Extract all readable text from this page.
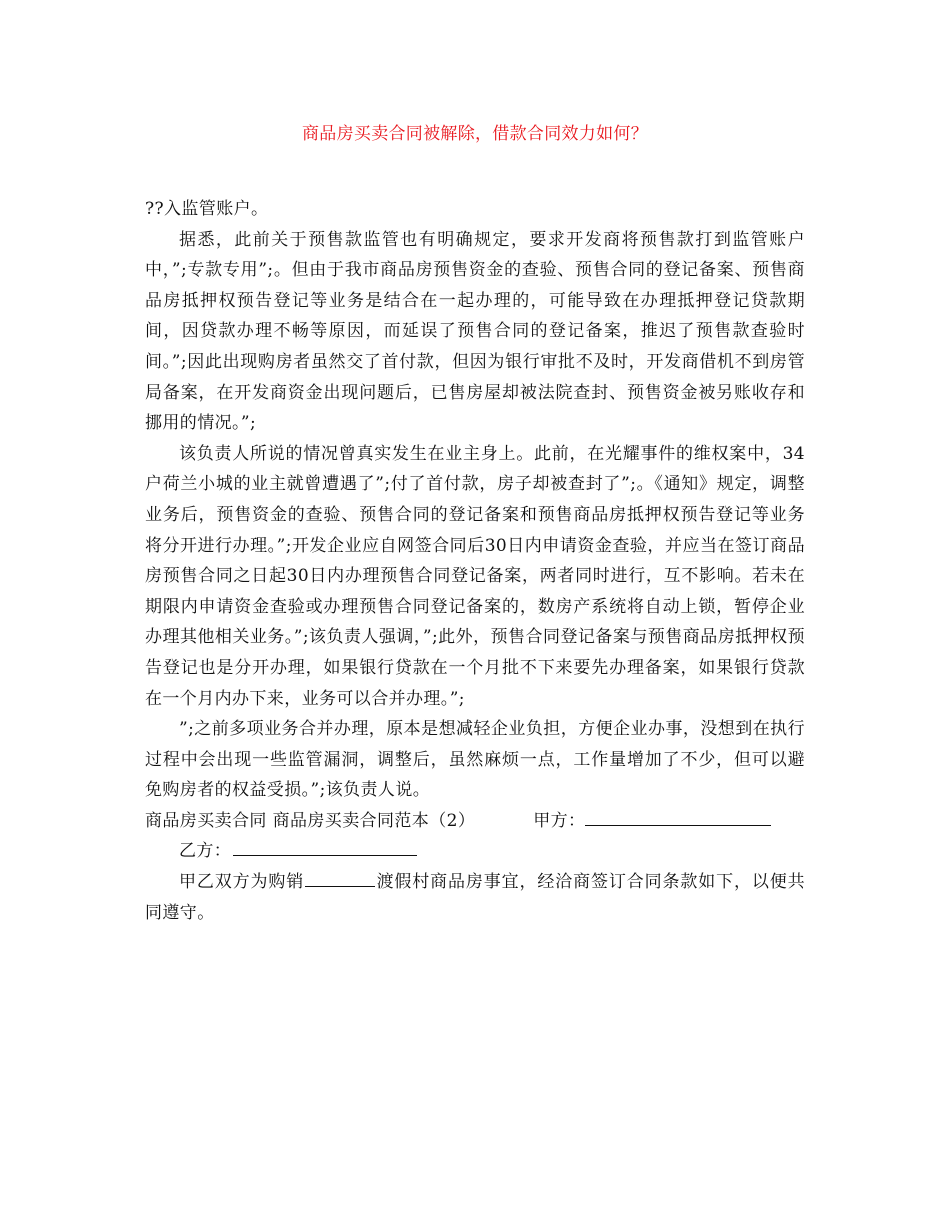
商品房买卖合同被解除，借款合同效力如何？

??入监管账户。

据悉，此前关于预售款监管也有明确规定，要求开发商将预售款打到监管账户中，”;专款专用”;。但由于我市商品房预售资金的查验、预售合同的登记备案、预售商品房抵押权预告登记等业务是结合在一起办理的，可能导致在办理抵押登记贷款期间，因贷款办理不畅等原因，而延误了预售合同的登记备案，推迟了预售款查验时间。”;因此出现购房者虽然交了首付款，但因为银行审批不及时，开发商借机不到房管局备案，在开发商资金出现问题后，已售房屋却被法院查封、预售资金被另账收存和挪用的情况。”;

该负责人所说的情况曾真实发生在业主身上。此前，在光耀事件的维权案中，34户荷兰小城的业主就曾遭遇了”;付了首付款，房子却被查封了”;。《通知》规定，调整业务后，预售资金的查验、预售合同的登记备案和预售商品房抵押权预告登记等业务将分开进行办理。”;开发企业应自网签合同后30日内申请资金查验，并应当在签订商品房预售合同之日起30日内办理预售合同登记备案，两者同时进行，互不影响。若未在期限内申请资金查验或办理预售合同登记备案的，数房产系统将自动上锁，暂停企业办理其他相关业务。”;该负责人强调，”;此外，预售合同登记备案与预售商品房抵押权预告登记也是分开办理，如果银行贷款在一个月批不下来要先办理备案，如果银行贷款在一个月内办下来，业务可以合并办理。”;

”;之前多项业务合并办理，原本是想减轻企业负担，方便企业办事，没想到在执行过程中会出现一些监管漏洞，调整后，虽然麻烦一点，工作量增加了不少，但可以避免购房者的权益受损。”;该负责人说。

商品房买卖合同 商品房买卖合同范本（2）	甲方：

乙方：

甲乙双方为购销	渡假村商品房事宜，经洽商签订合同条款如下，以便共同遵守。
